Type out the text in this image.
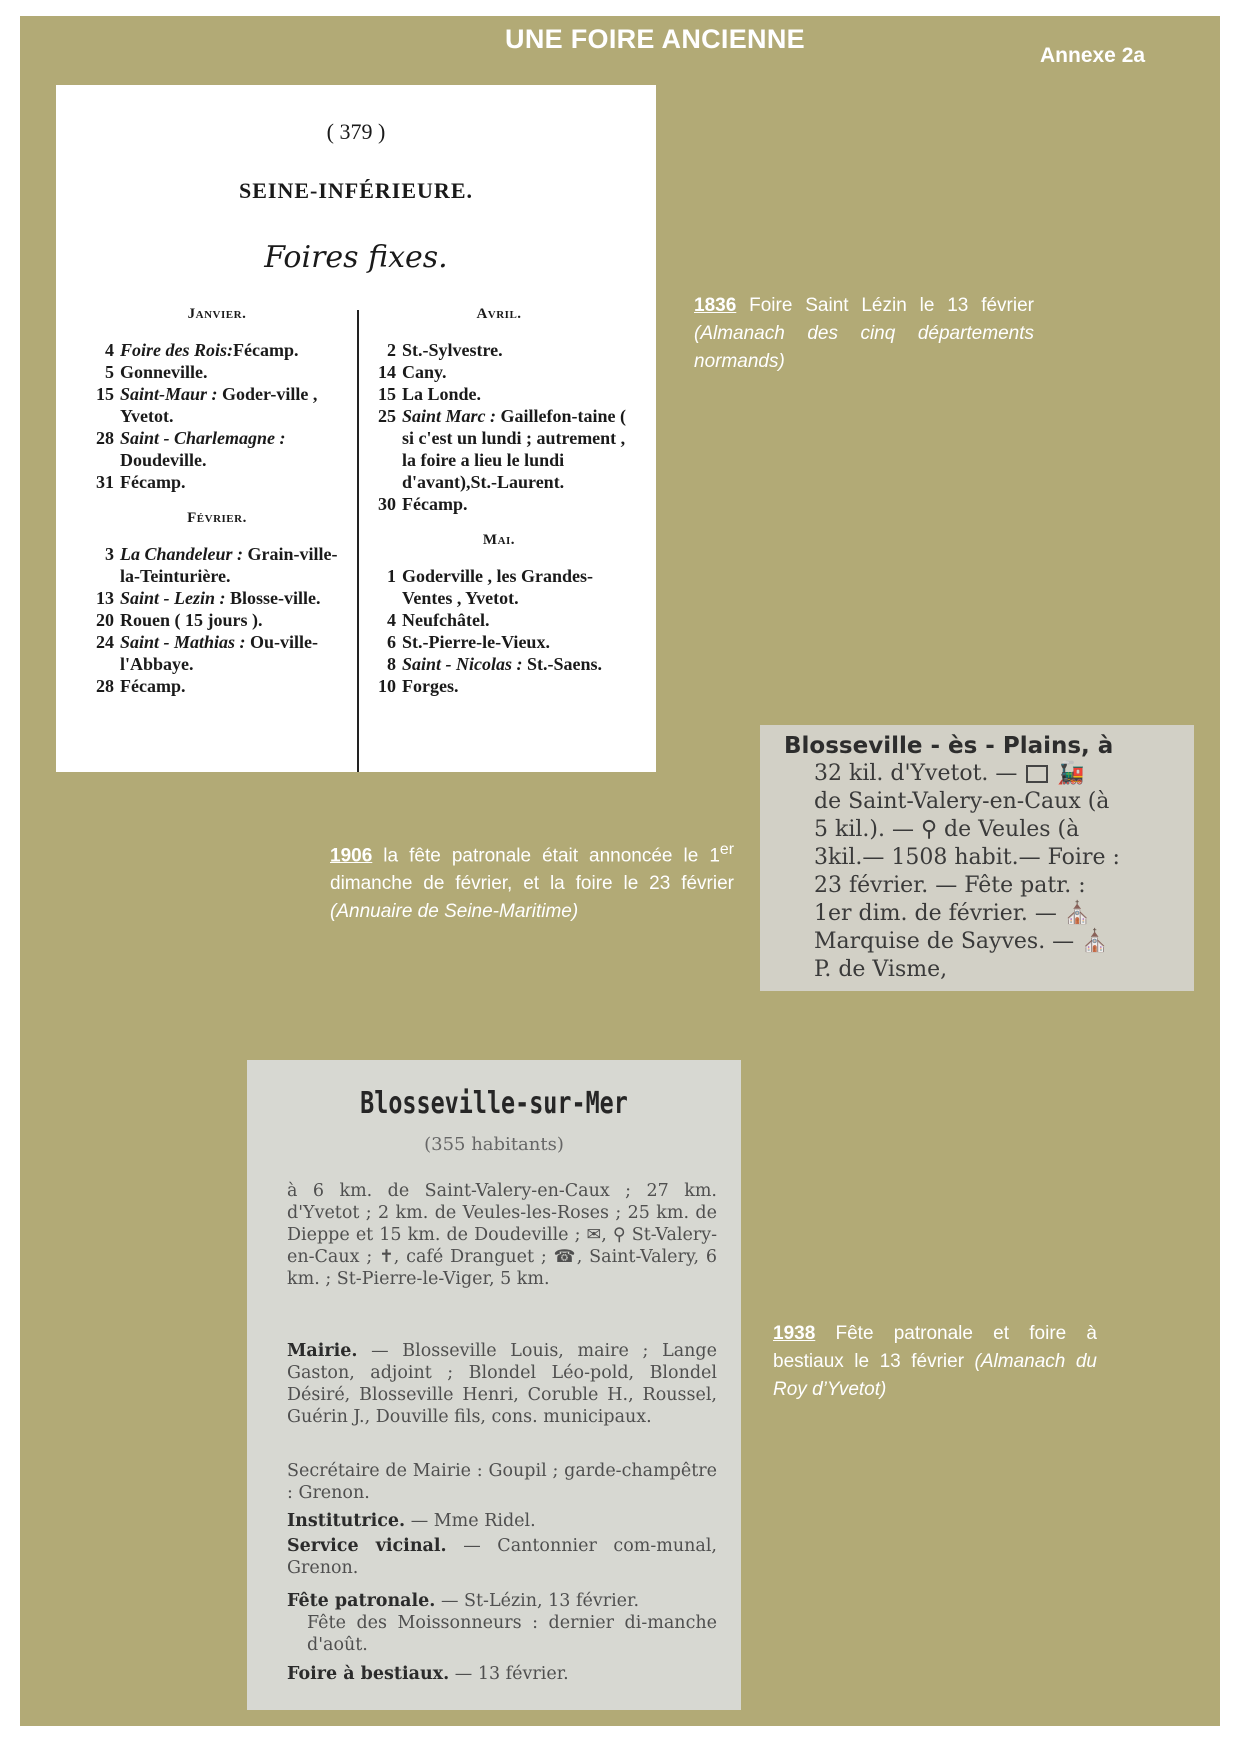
UNE FOIRE ANCIENNE
Annexe 2a
( 379 )
SEINE-INFÉRIEURE.
Foires fixes.
Janvier.
4 Foire des Rois:Fécamp.
5 Gonneville.
15 Saint-Maur : Goder-ville , Yvetot.
28 Saint - Charlemagne : Doudeville.
31 Fécamp.
Février.
3 La Chandeleur : Grain-ville-la-Teinturière.
13 Saint - Lezin : Blosse-ville.
20 Rouen ( 15 jours ).
24 Saint - Mathias : Ou-ville-l'Abbaye.
28 Fécamp.
Avril.
2 St.-Sylvestre.
14 Cany.
15 La Londe.
25 Saint Marc : Gaillefon-taine ( si c'est un lundi ; autrement , la foire a lieu le lundi d'avant),St.-Laurent.
30 Fécamp.
Mai.
1 Goderville , les Grandes-Ventes , Yvetot.
4 Neufchâtel.
6 St.-Pierre-le-Vieux.
8 Saint - Nicolas : St.-Saens.
10 Forges.
1836 Foire Saint Lézin le 13 février (Almanach des cinq départements normands)
1906 la fête patronale était annoncée le 1er dimanche de février, et la foire le 23 février (Annuaire de Seine-Maritime)
Blosseville - ès - Plains, à
32 kil. d'Yvetot. — 🚂
de Saint-Valery-en-Caux (à
5 kil.). — ⚲ de Veules (à
3kil.— 1508 habit.— Foire :
23 février. — Fête patr. :
1er dim. de février. — ⛪
Marquise de Sayves. — ⛪
P. de Visme,
Blosseville-sur-Mer
(355 habitants)
à 6 km. de Saint-Valery-en-Caux ; 27 km. d'Yvetot ; 2 km. de Veules-les-Roses ; 25 km. de Dieppe et 15 km. de Doudeville ; ✉, ⚲ St-Valery-en-Caux ; ✝, café Dranguet ; ☎, Saint-Valery, 6 km. ; St-Pierre-le-Viger, 5 km.
Mairie. — Blosseville Louis, maire ; Lange Gaston, adjoint ; Blondel Léo-pold, Blondel Désiré, Blosseville Henri, Coruble H., Roussel, Guérin J., Douville fils, cons. municipaux.
Secrétaire de Mairie : Goupil ; garde-champêtre : Grenon.
Institutrice. — Mme Ridel.
Service vicinal. — Cantonnier com-munal, Grenon.
Fête patronale. — St-Lézin, 13 février.
Fête des Moissonneurs : dernier di-manche d'août.
Foire à bestiaux. — 13 février.
1938 Fête patronale et foire à bestiaux le 13 février (Almanach du Roy d’Yvetot)
